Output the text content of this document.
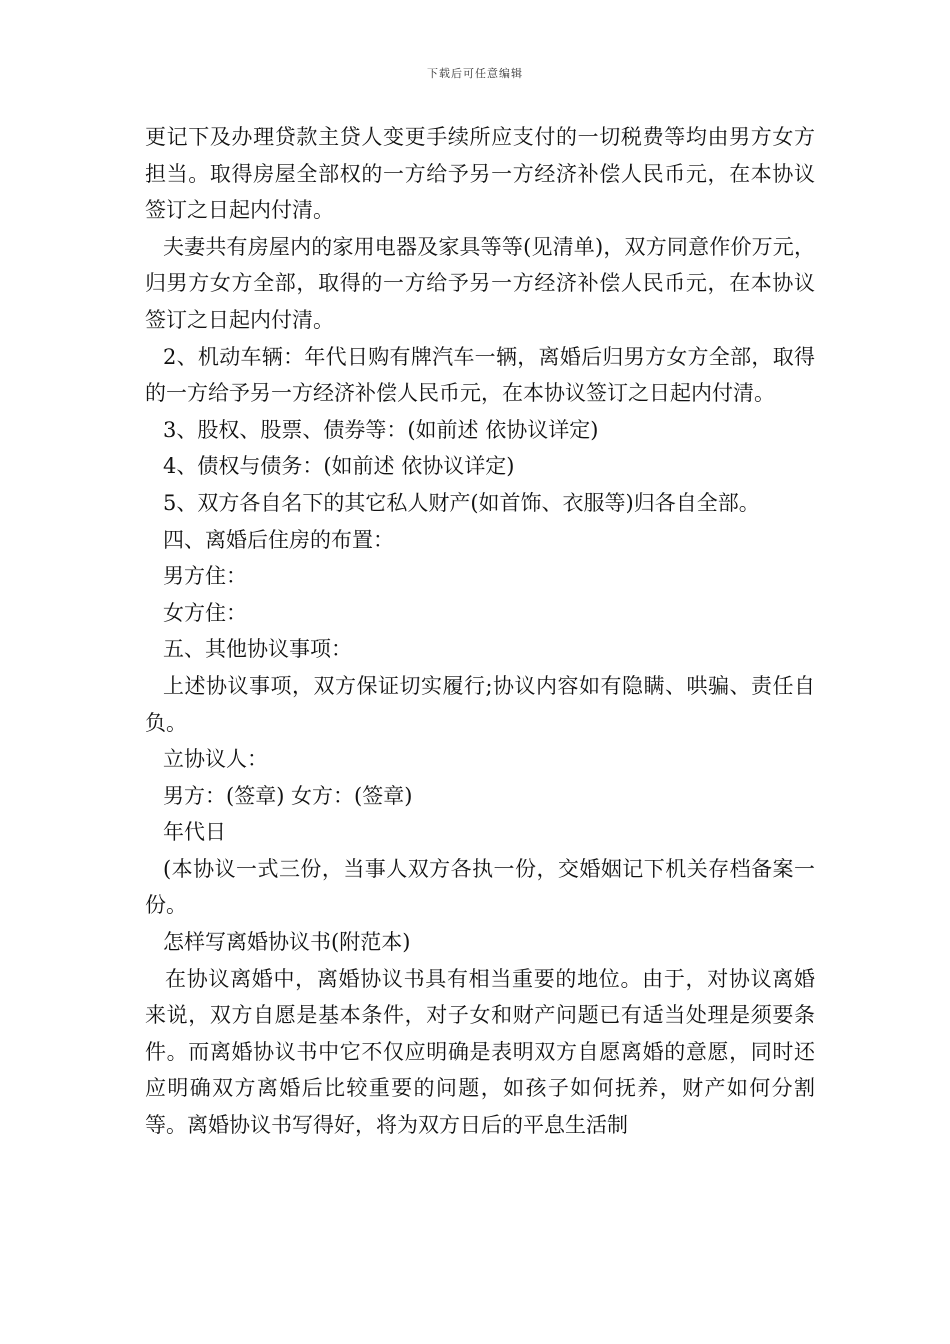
下载后可任意编辑

更记下及办理贷款主贷人变更手续所应支付的一切税费等均由男方女方担当。取得房屋全部权的一方给予另一方经济补偿人民币元，在本协议签订之日起内付清。

夫妻共有房屋内的家用电器及家具等等(见清单)，双方同意作价万元，归男方女方全部，取得的一方给予另一方经济补偿人民币元，在本协议签订之日起内付清。

2、机动车辆：年代日购有牌汽车一辆，离婚后归男方女方全部，取得的一方给予另一方经济补偿人民币元，在本协议签订之日起内付清。

3、股权、股票、债券等：(如前述 依协议详定)

4、债权与债务：(如前述 依协议详定)

5、双方各自名下的其它私人财产(如首饰、衣服等)归各自全部。

四、离婚后住房的布置：

男方住：

女方住：

五、其他协议事项：

上述协议事项，双方保证切实履行;协议内容如有隐瞒、哄骗、责任自负。

立协议人：

男方：(签章) 女方：(签章)

年代日

(本协议一式三份，当事人双方各执一份，交婚姻记下机关存档备案一份。

怎样写离婚协议书(附范本)

在协议离婚中，离婚协议书具有相当重要的地位。由于，对协议离婚来说，双方自愿是基本条件，对子女和财产问题已有适当处理是须要条件。而离婚协议书中它不仅应明确是表明双方自愿离婚的意愿，同时还应明确双方离婚后比较重要的问题，如孩子如何抚养，财产如何分割等。离婚协议书写得好，将为双方日后的平息生活制
